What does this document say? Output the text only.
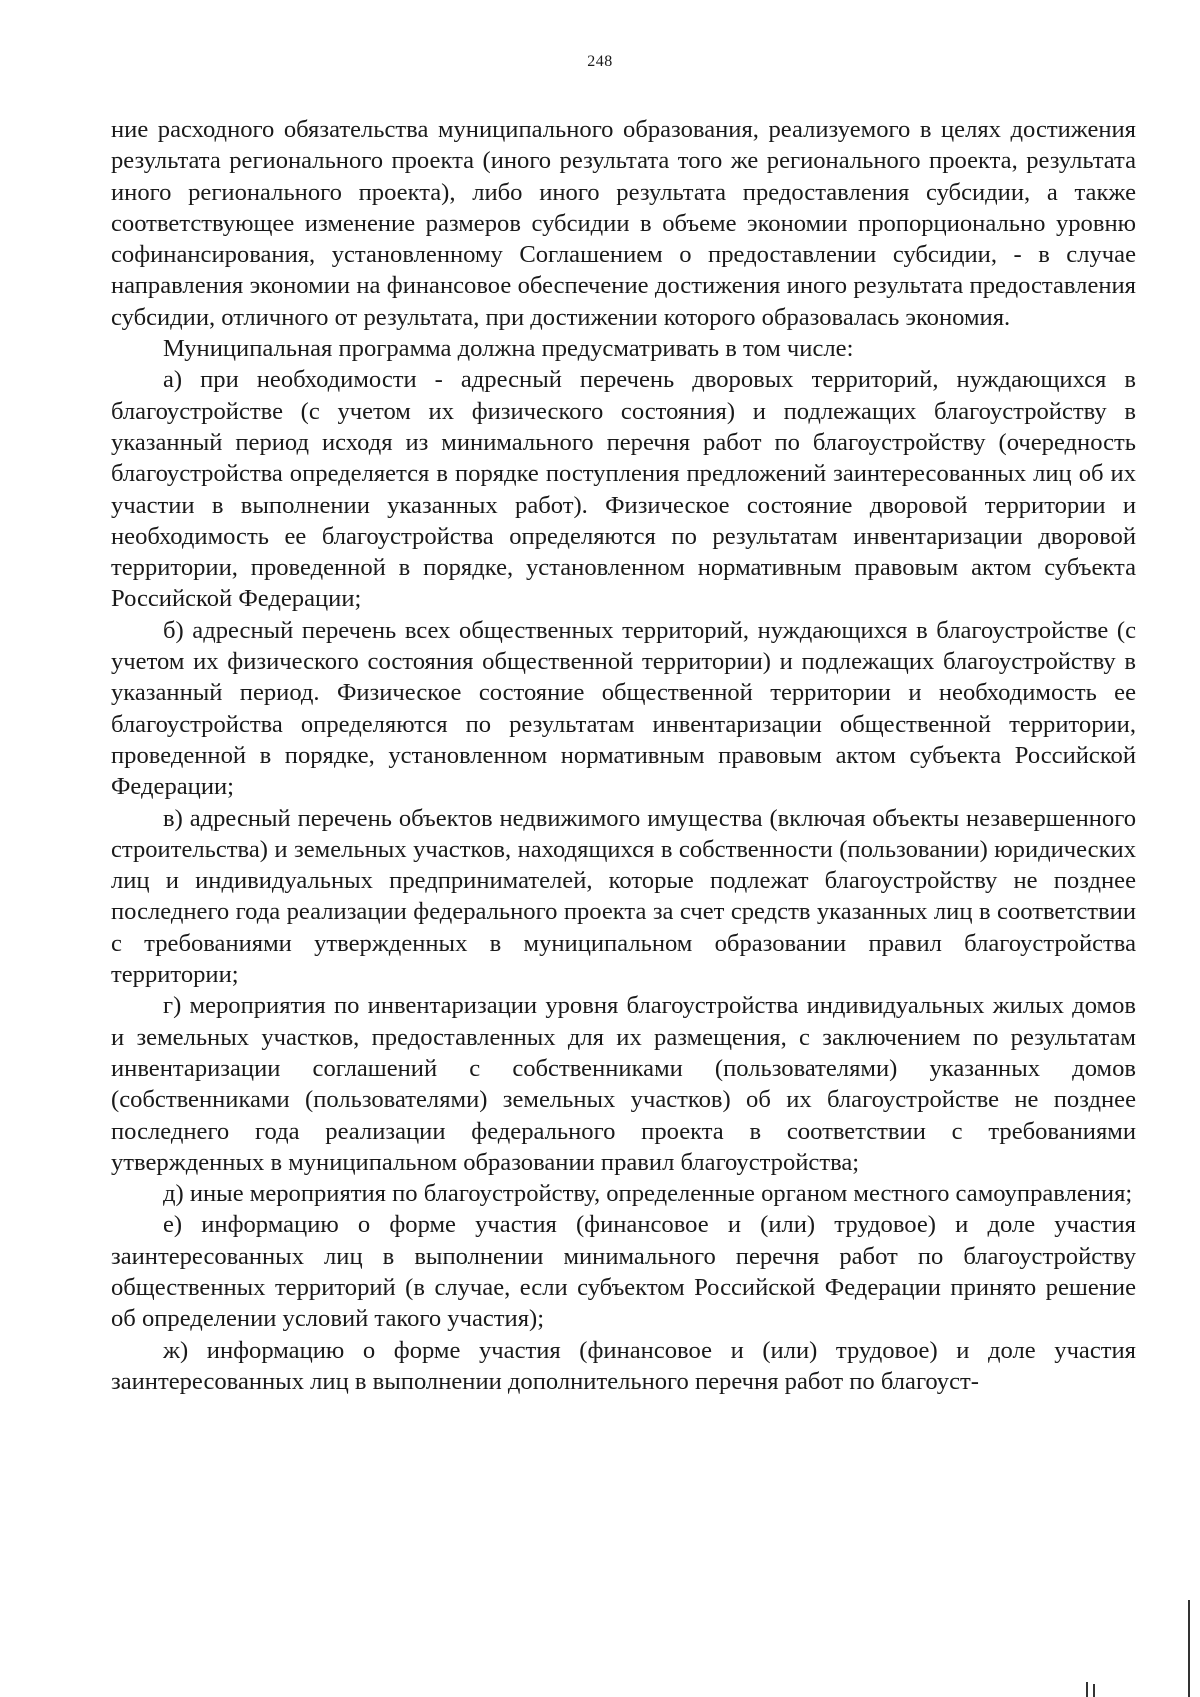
248

ние расходного обязательства муниципального образования, реализуемого в целях достижения результата регионального проекта (иного результата того же регионального проекта, результата иного регионального проекта), либо иного результата предоставления субсидии, а также соответствующее изменение размеров субсидии в объеме экономии пропорционально уровню софинансирования, установленному Соглашением о предоставлении субсидии, - в случае направления экономии на финансовое обеспечение достижения иного результата предоставления субсидии, отличного от результата, при достижении которого образовалась экономия.

Муниципальная программа должна предусматривать в том числе:

а) при необходимости - адресный перечень дворовых территорий, нуждающихся в благоустройстве (с учетом их физического состояния) и подлежащих благоустройству в указанный период исходя из минимального перечня работ по благоустройству (очередность благоустройства определяется в порядке поступления предложений заинтересованных лиц об их участии в выполнении указанных работ). Физическое состояние дворовой территории и необходимость ее благоустройства определяются по результатам инвентаризации дворовой территории, проведенной в порядке, установленном нормативным правовым актом субъекта Российской Федерации;

б) адресный перечень всех общественных территорий, нуждающихся в благоустройстве (с учетом их физического состояния общественной территории) и подлежащих благоустройству в указанный период. Физическое состояние общественной территории и необходимость ее благоустройства определяются по результатам инвентаризации общественной территории, проведенной в порядке, установленном нормативным правовым актом субъекта Российской Федерации;

в) адресный перечень объектов недвижимого имущества (включая объекты незавершенного строительства) и земельных участков, находящихся в собственности (пользовании) юридических лиц и индивидуальных предпринимателей, которые подлежат благоустройству не позднее последнего года реализации федерального проекта за счет средств указанных лиц в соответствии с требованиями утвержденных в муниципальном образовании правил благоустройства территории;

г) мероприятия по инвентаризации уровня благоустройства индивидуальных жилых домов и земельных участков, предоставленных для их размещения, с заключением по результатам инвентаризации соглашений с собственниками (пользователями) указанных домов (собственниками (пользователями) земельных участков) об их благоустройстве не позднее последнего года реализации федерального проекта в соответствии с требованиями утвержденных в муниципальном образовании правил благоустройства;

д) иные мероприятия по благоустройству, определенные органом местного самоуправления;

е) информацию о форме участия (финансовое и (или) трудовое) и доле участия заинтересованных лиц в выполнении минимального перечня работ по благоустройству общественных территорий (в случае, если субъектом Российской Федерации принято решение об определении условий такого участия);

ж) информацию о форме участия (финансовое и (или) трудовое) и доле участия заинтересованных лиц в выполнении дополнительного перечня работ по благоуст-
